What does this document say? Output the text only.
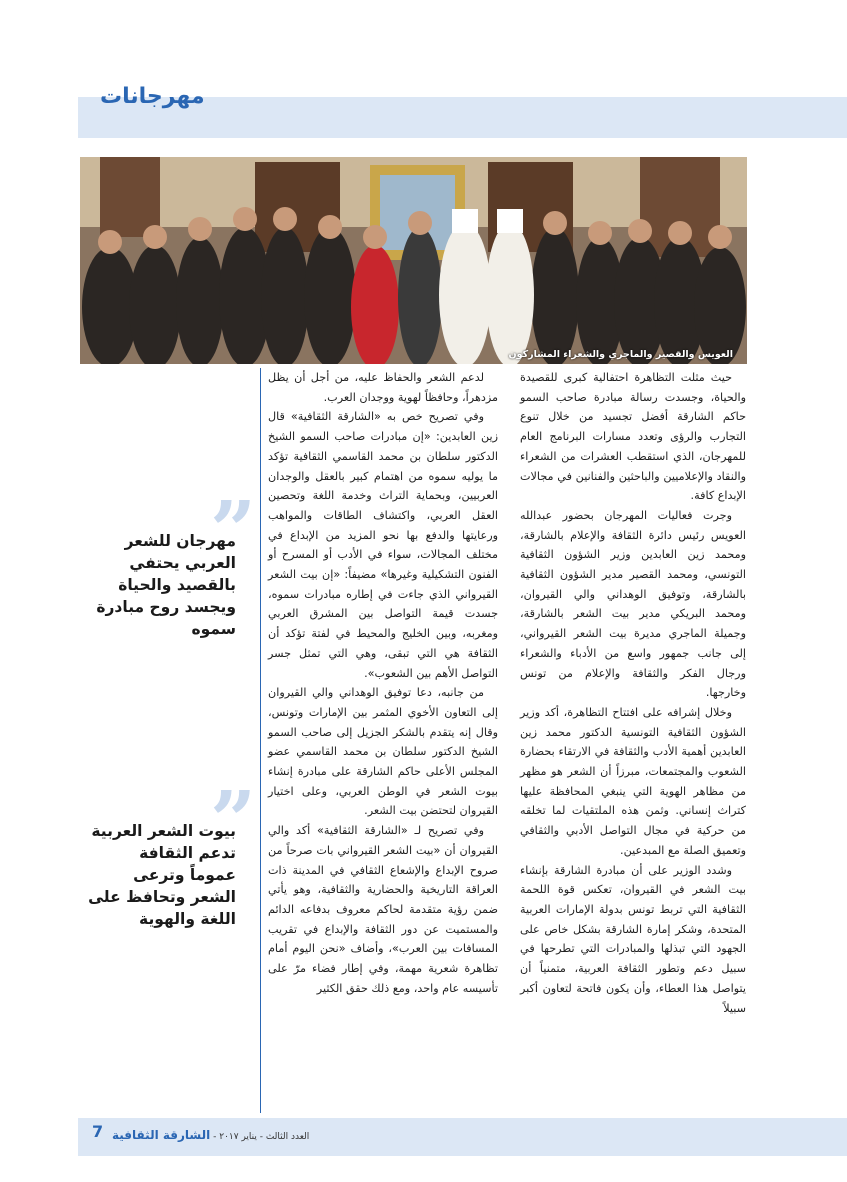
مهرجانات
العويس والقصير والماجري والشعراء المشاركون

حيث مثلت التظاهرة احتفالية كبرى للقصيدة والحياة، وجسدت رسالة مبادرة صاحب السمو حاكم الشارقة أفضل تجسيد من خلال تنوع التجارب والرؤى وتعدد مسارات البرنامج العام للمهرجان، الذي استقطب العشرات من الشعراء والنقاد والإعلاميين والباحثين والفنانين في مجالات الإبداع كافة.

وجرت فعاليات المهرجان بحضور عبدالله العويس رئيس دائرة الثقافة والإعلام بالشارقة، ومحمد زين العابدين وزير الشؤون الثقافية التونسي، ومحمد القصير مدير الشؤون الثقافية بالشارقة، وتوفيق الوهداني والي القيروان، ومحمد البريكي مدير بيت الشعر بالشارقة، وجميلة الماجري مديرة بيت الشعر القيرواني، إلى جانب جمهور واسع من الأدباء والشعراء ورجال الفكر والثقافة والإعلام من تونس وخارجها.

وخلال إشرافه على افتتاح التظاهرة، أكد وزير الشؤون الثقافية التونسية الدكتور محمد زين العابدين أهمية الأدب والثقافة في الارتقاء بحضارة الشعوب والمجتمعات، مبرزاً أن الشعر هو مظهر من مظاهر الهوية التي ينبغي المحافظة عليها كتراث إنساني. وثمن هذه الملتقيات لما تخلقه من حركية في مجال التواصل الأدبي والثقافي وتعميق الصلة مع المبدعين.

وشدد الوزير على أن مبادرة الشارقة بإنشاء بيت الشعر في القيروان، تعكس قوة اللحمة الثقافية التي تربط تونس بدولة الإمارات العربية المتحدة، وشكر إمارة الشارقة بشكل خاص على الجهود التي تبذلها والمبادرات التي تطرحها في سبيل دعم وتطور الثقافة العربية، متمنياً أن يتواصل هذا العطاء، وأن يكون فاتحة لتعاون أكبر سبيلاً

لدعم الشعر والحفاظ عليه، من أجل أن يظل مزدهراً، وحافظاً لهوية ووجدان العرب.

وفي تصريح خص به «الشارقة الثقافية» قال زين العابدين: «إن مبادرات صاحب السمو الشيخ الدكتور سلطان بن محمد القاسمي الثقافية تؤكد ما يوليه سموه من اهتمام كبير بالعقل والوجدان العربيين، وبحماية التراث وخدمة اللغة وتحصين العقل العربي، واكتشاف الطاقات والمواهب ورعايتها والدفع بها نحو المزيد من الإبداع في مختلف المجالات، سواء في الأدب أو المسرح أو الفنون التشكيلية وغيرها» مضيفاً: «إن بيت الشعر القيرواني الذي جاءت في إطاره مبادرات سموه، جسدت قيمة التواصل بين المشرق العربي ومغربه، وبين الخليج والمحيط في لفتة تؤكد أن الثقافة هي التي تبقى، وهي التي تمثل جسر التواصل الأهم بين الشعوب».

من جانبه، دعا توفيق الوهداني والي القيروان إلى التعاون الأخوي المثمر بين الإمارات وتونس، وقال إنه يتقدم بالشكر الجزيل إلى صاحب السمو الشيخ الدكتور سلطان بن محمد القاسمي عضو المجلس الأعلى حاكم الشارقة على مبادرة إنشاء بيوت الشعر في الوطن العربي، وعلى اختيار القيروان لتحتضن بيت الشعر.

وفي تصريح لـ «الشارقة الثقافية» أكد والي القيروان أن «بيت الشعر القيرواني بات صرحاً من صروح الإبداع والإشعاع الثقافي في المدينة ذات العراقة التاريخية والحضارية والثقافية، وهو يأتي ضمن رؤية متقدمة لحاكم معروف بدفاعه الدائم والمستميت عن دور الثقافة والإبداع في تقريب المسافات بين العرب»، وأضاف «نحن اليوم أمام تظاهرة شعرية مهمة، وفي إطار فضاء مرّ على تأسيسه عام واحد، ومع ذلك حقق الكثير

”
مهرجان للشعر العربي يحتفي بالقصيد والحياة ويجسد روح مبادرة سموه
”
بيوت الشعر العربية تدعم الثقافة عموماً وترعى الشعر وتحافظ على اللغة والهوية
7	العدد الثالث - يناير ٢٠١٧ - الشارقة الثقافية
